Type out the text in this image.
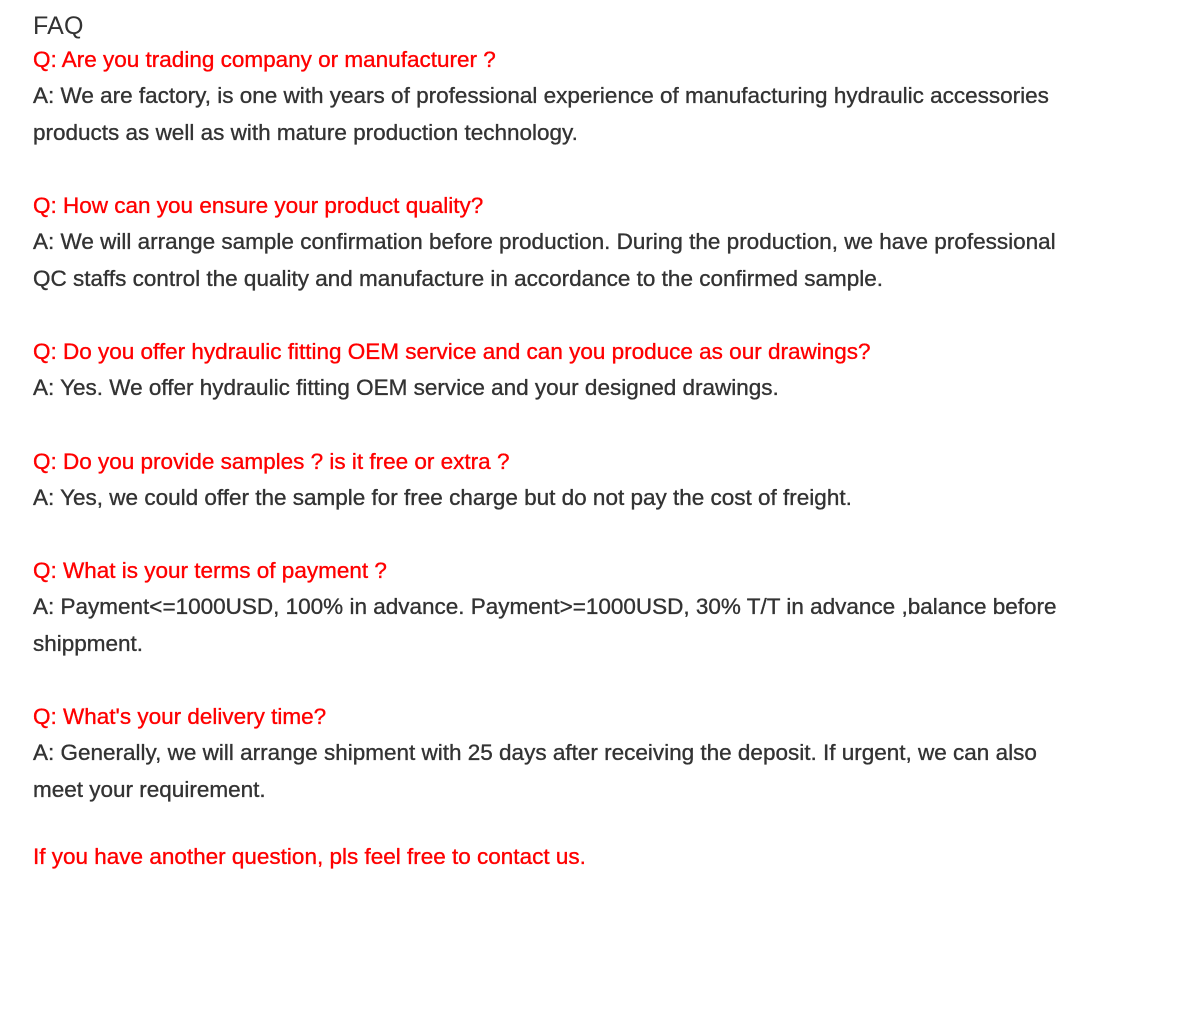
FAQ

Q: Are you trading company or manufacturer ?

A: We are factory, is one with years of professional experience of manufacturing hydraulic accessories

products as well as with mature production technology.

Q: How can you ensure your product quality?

A: We will arrange sample confirmation before production. During the production, we have professional

QC staffs control the quality and manufacture in accordance to the confirmed sample.

Q: Do you offer hydraulic fitting OEM service and can you produce as our drawings?

A: Yes. We offer hydraulic fitting OEM service and your designed drawings.

Q: Do you provide samples ? is it free or extra ?

A: Yes, we could offer the sample for free charge but do not pay the cost of freight.

Q: What is your terms of payment ?

A: Payment<=1000USD, 100% in advance. Payment>=1000USD, 30% T/T in advance ,balance before

shippment.

Q: What's your delivery time?

A: Generally, we will arrange shipment with 25 days after receiving the deposit. If urgent, we can also

meet your requirement.

If you have another question, pls feel free to contact us.
